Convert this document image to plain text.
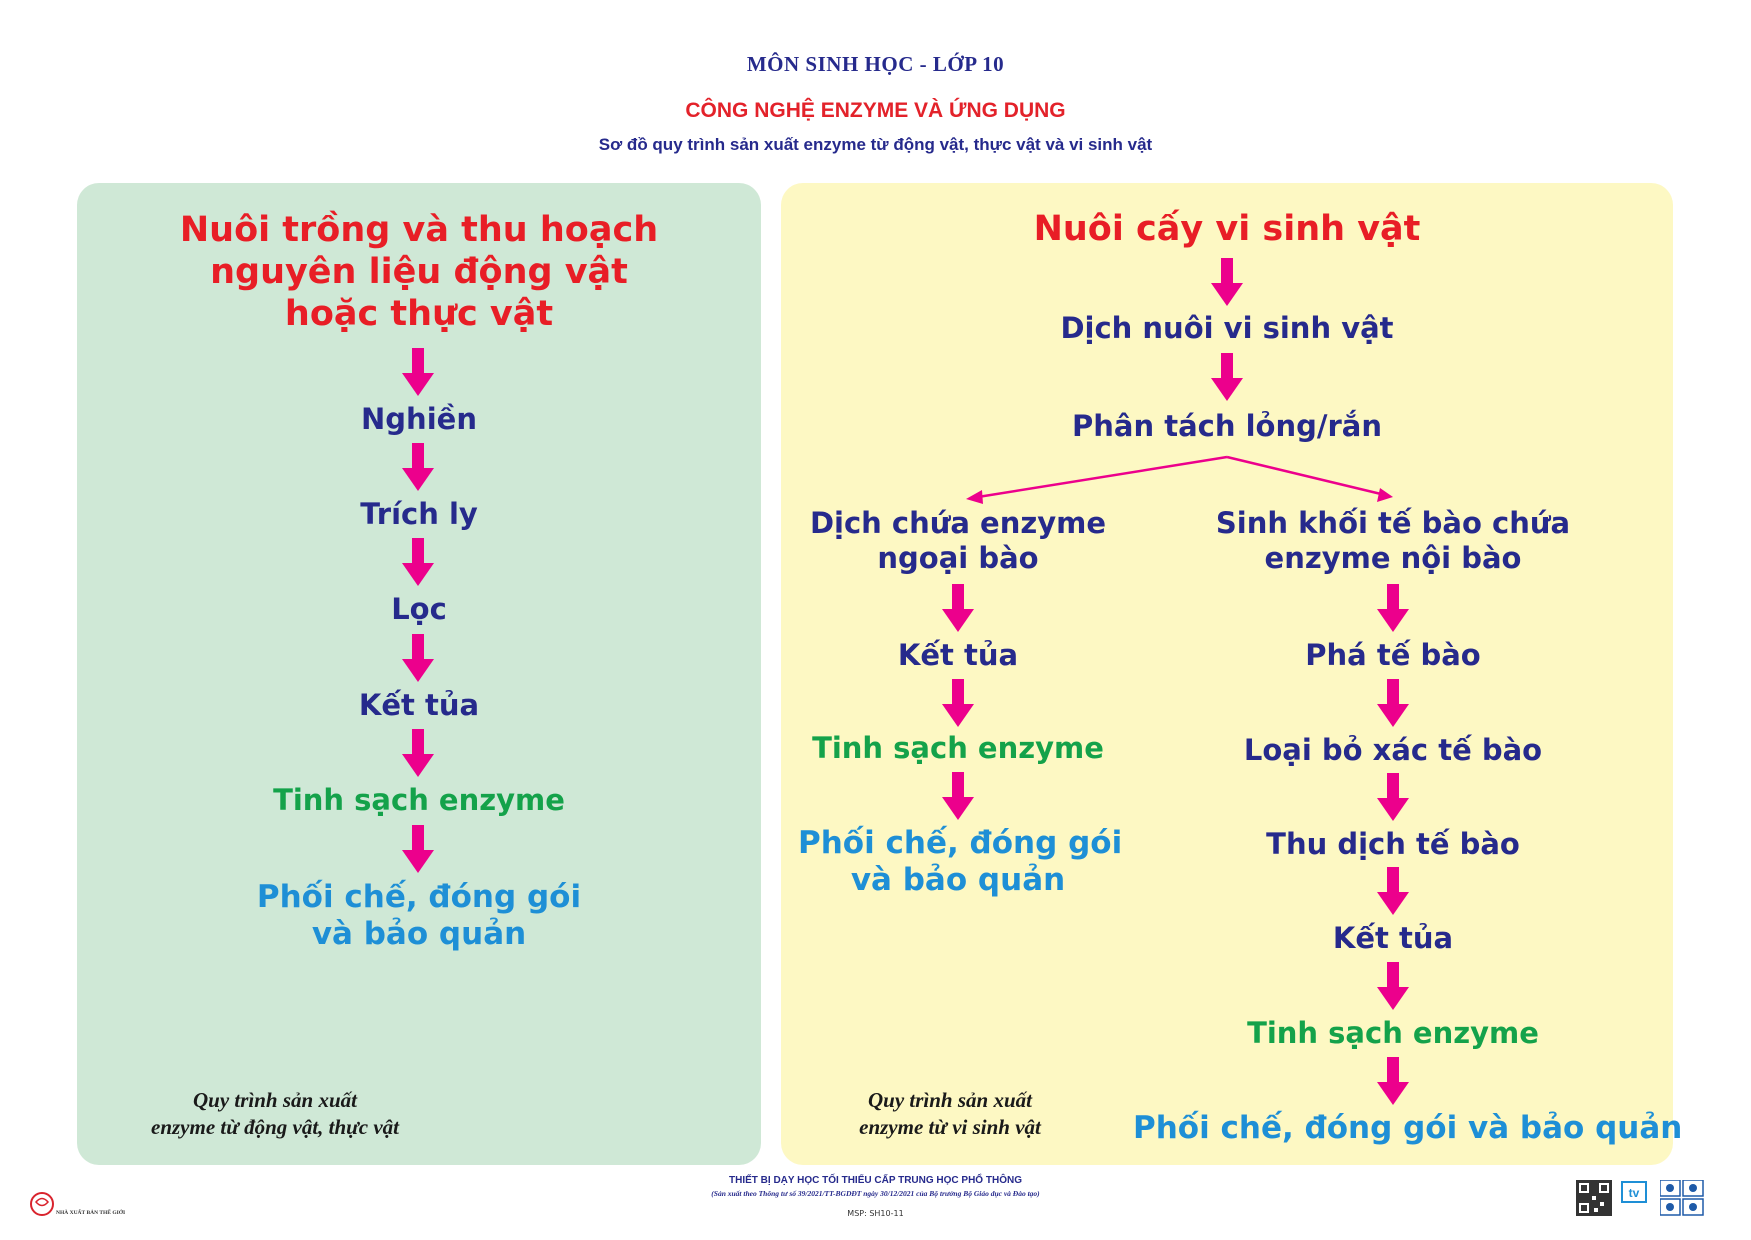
MÔN SINH HỌC - LỚP 10
CÔNG NGHỆ ENZYME VÀ ỨNG DỤNG
Sơ đồ quy trình sản xuất enzyme từ động vật, thực vật và vi sinh vật
Nuôi trồng và thu hoạch
nguyên liệu động vật
hoặc thực vật
Nghiền
Trích ly
Lọc
Kết tủa
Tinh sạch enzyme
Phối chế, đóng gói
và bảo quản
Quy trình sản xuất
enzyme từ động vật, thực vật
Nuôi cấy vi sinh vật
Dịch nuôi vi sinh vật
Phân tách lỏng/rắn
Dịch chứa enzyme
ngoại bào
Kết tủa
Tinh sạch enzyme
Phối chế, đóng gói
và bảo quản
Sinh khối tế bào chứa
enzyme nội bào
Phá tế bào
Loại bỏ xác tế bào
Thu dịch tế bào
Kết tủa
Tinh sạch enzyme
Phối chế, đóng gói và bảo quản
Quy trình sản xuất
enzyme từ vi sinh vật
THIẾT BỊ DẠY HỌC TỐI THIỂU CẤP TRUNG HỌC PHỔ THÔNG
(Sản xuất theo Thông tư số 39/2021/TT-BGDĐT ngày 30/12/2021 của Bộ trưởng Bộ Giáo dục và Đào tạo)
MSP: SH10-11
NHÀ XUẤT BẢN THẾ GIỚI
tv
